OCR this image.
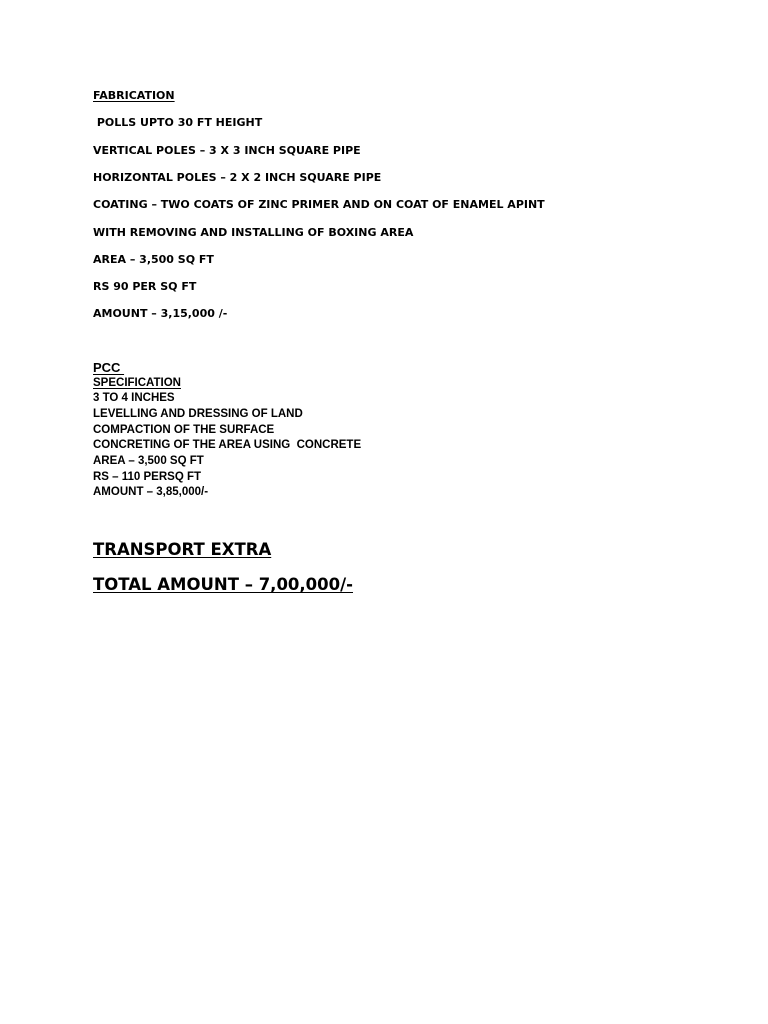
FABRICATION
POLLS UPTO 30 FT HEIGHT
VERTICAL POLES – 3 X 3 INCH SQUARE PIPE
HORIZONTAL POLES – 2 X 2 INCH SQUARE PIPE
COATING – TWO COATS OF ZINC PRIMER AND ON COAT OF ENAMEL APINT
WITH REMOVING AND INSTALLING OF BOXING AREA
AREA – 3,500 SQ FT
RS 90 PER SQ FT
AMOUNT – 3,15,000 /-
PCC
SPECIFICATION
3 TO 4 INCHES
LEVELLING AND DRESSING OF LAND
COMPACTION OF THE SURFACE
CONCRETING OF THE AREA USING  CONCRETE
AREA – 3,500 SQ FT
RS – 110 PERSQ FT
AMOUNT – 3,85,000/-
TRANSPORT EXTRA
TOTAL AMOUNT – 7,00,000/-
